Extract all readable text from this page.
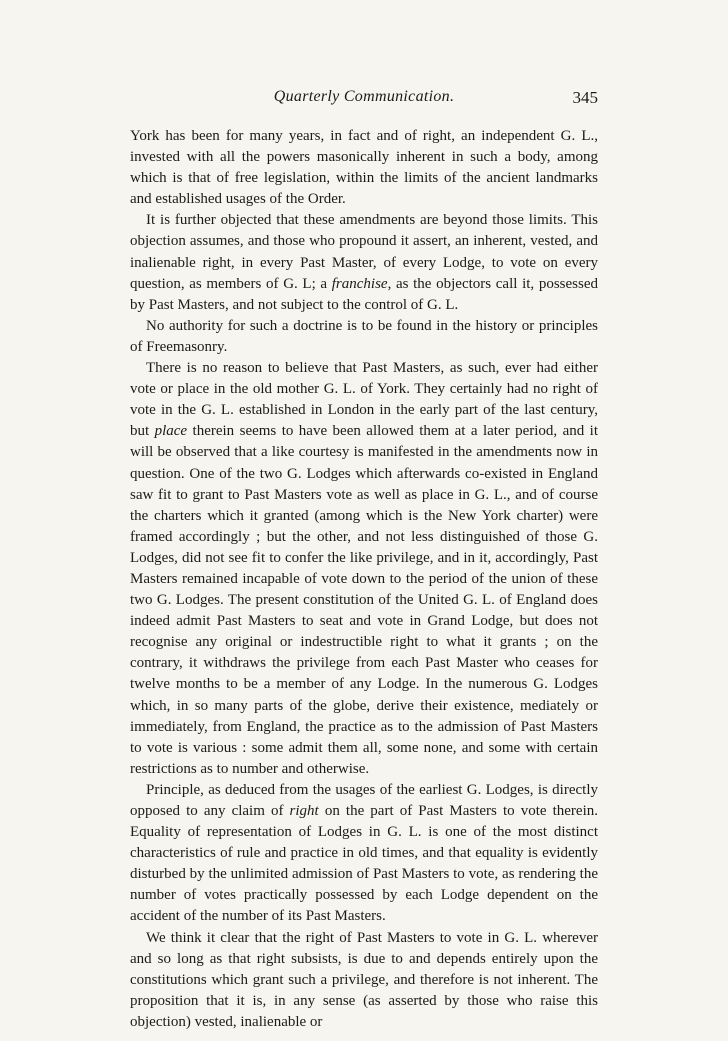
Quarterly Communication.	345

York has been for many years, in fact and of right, an independent G. L., invested with all the powers masonically inherent in such a body, among which is that of free legislation, within the limits of the ancient landmarks and established usages of the Order.

It is further objected that these amendments are beyond those limits. This objection assumes, and those who propound it assert, an inherent, vested, and inalienable right, in every Past Master, of every Lodge, to vote on every question, as members of G. L; a franchise, as the objectors call it, possessed by Past Masters, and not subject to the control of G. L.

No authority for such a doctrine is to be found in the history or principles of Freemasonry.

There is no reason to believe that Past Masters, as such, ever had either vote or place in the old mother G. L. of York. They certainly had no right of vote in the G. L. established in London in the early part of the last century, but place therein seems to have been allowed them at a later period, and it will be observed that a like courtesy is manifested in the amendments now in question. One of the two G. Lodges which afterwards co-existed in England saw fit to grant to Past Masters vote as well as place in G. L., and of course the charters which it granted (among which is the New York charter) were framed accordingly ; but the other, and not less distinguished of those G. Lodges, did not see fit to confer the like privilege, and in it, accordingly, Past Masters remained incapable of vote down to the period of the union of these two G. Lodges. The present constitution of the United G. L. of England does indeed admit Past Masters to seat and vote in Grand Lodge, but does not recognise any original or indestructible right to what it grants ; on the contrary, it withdraws the privilege from each Past Master who ceases for twelve months to be a member of any Lodge. In the numerous G. Lodges which, in so many parts of the globe, derive their existence, mediately or immediately, from England, the practice as to the admission of Past Masters to vote is various : some admit them all, some none, and some with certain restrictions as to number and otherwise.

Principle, as deduced from the usages of the earliest G. Lodges, is directly opposed to any claim of right on the part of Past Masters to vote therein. Equality of representation of Lodges in G. L. is one of the most distinct characteristics of rule and practice in old times, and that equality is evidently disturbed by the unlimited admission of Past Masters to vote, as rendering the number of votes practically possessed by each Lodge dependent on the accident of the number of its Past Masters.

We think it clear that the right of Past Masters to vote in G. L. wherever and so long as that right subsists, is due to and depends entirely upon the constitutions which grant such a privilege, and therefore is not inherent. The proposition that it is, in any sense (as asserted by those who raise this objection) vested, inalienable or
